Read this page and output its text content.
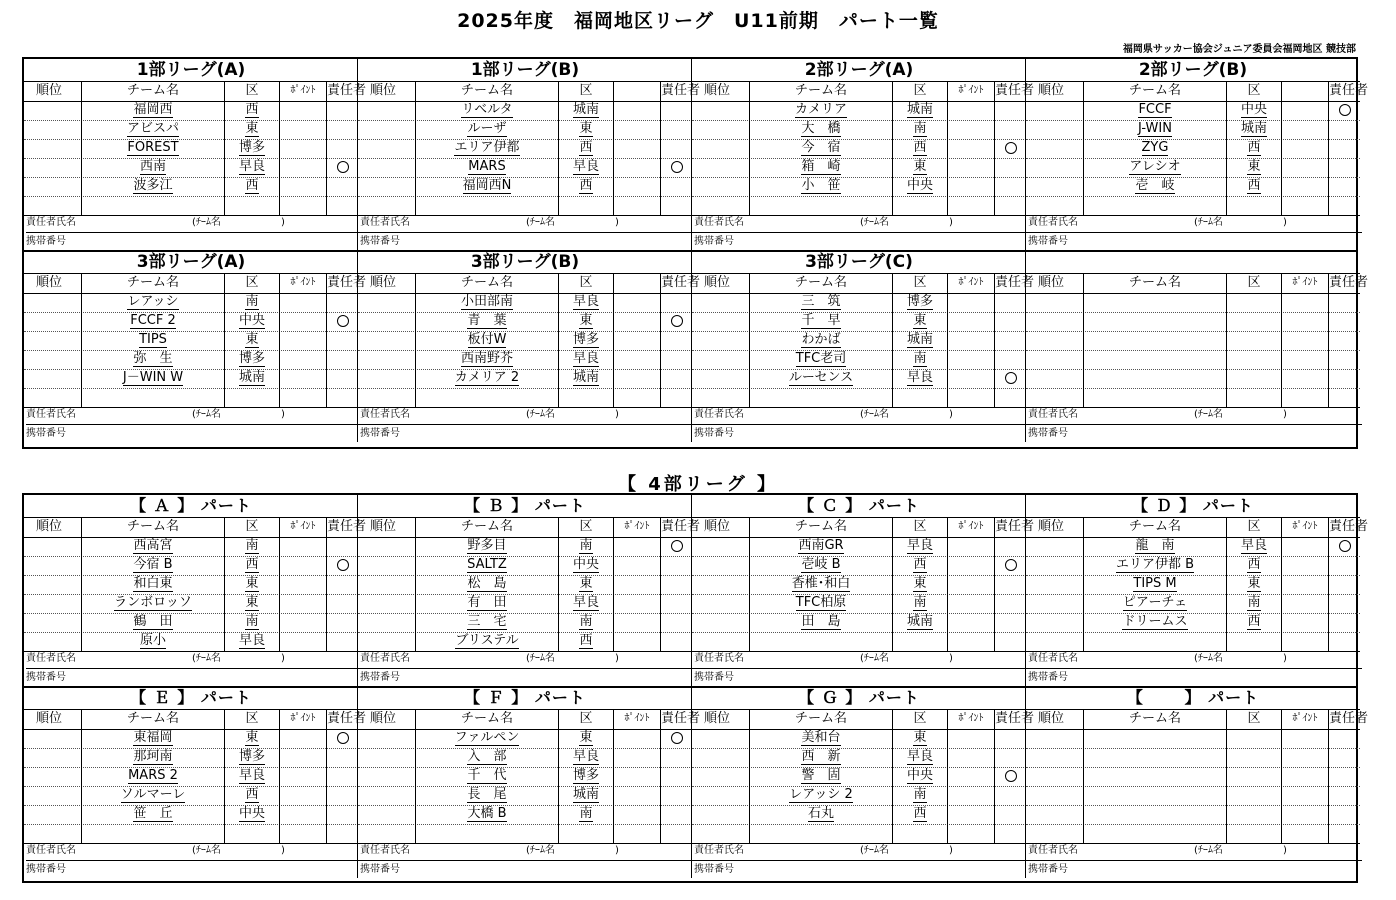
2025年度　福岡地区リーグ　U11前期　パート一覧
福岡県サッカー協会ジュニア委員会福岡地区 競技部
1部リーグ(A)
順位	チーム名	区	ﾎﾟｲﾝﾄ 責任者
福岡西	西
アビスパ	東
FOREST	博多
西南	早良
波多江	西
責任者氏名	(ﾁｰﾑ名	)
携帯番号
1部リーグ(B)
順位	チーム名	区	責任者
リベルタ	城南
ルーザ	東
エリア伊都	西
MARS	早良
福岡西N	西
責任者氏名	(ﾁｰﾑ名	)
携帯番号
2部リーグ(A)
順位	チーム名	区	ﾎﾟｲﾝﾄ 責任者
カメリア	城南
大　橋	南
今　宿	西
箱　崎	東
小　笹	中央
責任者氏名	(ﾁｰﾑ名	)
携帯番号
2部リーグ(B)
順位	チーム名	区	責任者
FCCF	中央
J-WIN	城南
ZYG	西
アレシオ	東
壱　岐	西
責任者氏名	(ﾁｰﾑ名	)
携帯番号
3部リーグ(A)
順位	チーム名	区	ﾎﾟｲﾝﾄ 責任者
レアッシ	南
FCCF 2	中央
TIPS	東
弥　生	博多
J－WIN W	城南
責任者氏名	(ﾁｰﾑ名	)
携帯番号
3部リーグ(B)
順位	チーム名	区	責任者
小田部南	早良
青　葉	東
板付W	博多
西南野芥	早良
カメリア 2	城南
責任者氏名	(ﾁｰﾑ名	)
携帯番号
3部リーグ(C)
順位	チーム名	区	ﾎﾟｲﾝﾄ 責任者
三　筑	博多
千　早	東
わかば	城南
TFC老司	南
ルーセンス	早良
責任者氏名	(ﾁｰﾑ名	)
携帯番号
順位	チーム名	区	ﾎﾟｲﾝﾄ 責任者
責任者氏名	(ﾁｰﾑ名	)
携帯番号
【 4部リーグ 】
【 Ａ 】 パート
順位	チーム名	区	ﾎﾟｲﾝﾄ 責任者
西高宮	南
今宿 B	西
和白東	東
ランボロッソ	東
鶴　田	南
原小	早良
責任者氏名	(ﾁｰﾑ名	)
携帯番号
【 Ｂ 】 パート
順位	チーム名	区	ﾎﾟｲﾝﾄ 責任者
野多目	南
SALTZ	中央
松　島	東
有　田	早良
三　宅	南
ブリステル	西
責任者氏名	(ﾁｰﾑ名	)
携帯番号
【 Ｃ 】 パート
順位	チーム名	区	ﾎﾟｲﾝﾄ 責任者
西南GR	早良
壱岐 B	西
香椎･和白	東
TFC柏原	南
田　島	城南
責任者氏名	(ﾁｰﾑ名	)
携帯番号
【 Ｄ 】 パート
順位	チーム名	区	ﾎﾟｲﾝﾄ 責任者
龍　南	早良
エリア伊都 B	西
TIPS M	東
ピアーチェ	南
ドリームス	西
責任者氏名	(ﾁｰﾑ名	)
携帯番号
【 Ｅ 】 パート
順位	チーム名	区	ﾎﾟｲﾝﾄ 責任者
東福岡	東
那珂南	博多
MARS 2	早良
ソルマーレ	西
笹　丘	中央
責任者氏名	(ﾁｰﾑ名	)
携帯番号
【 Ｆ 】 パート
順位	チーム名	区	ﾎﾟｲﾝﾄ 責任者
ファルペン	東
入　部	早良
千　代	博多
長　尾	城南
大橋 B	南
責任者氏名	(ﾁｰﾑ名	)
携帯番号
【 Ｇ 】 パート
順位	チーム名	区	ﾎﾟｲﾝﾄ 責任者
美和台	東
西　新	早良
警　固	中央
レアッシ 2	南
石丸	西
責任者氏名	(ﾁｰﾑ名	)
携帯番号
【　　 】 パート
順位	チーム名	区	ﾎﾟｲﾝﾄ 責任者
責任者氏名	(ﾁｰﾑ名	)
携帯番号
